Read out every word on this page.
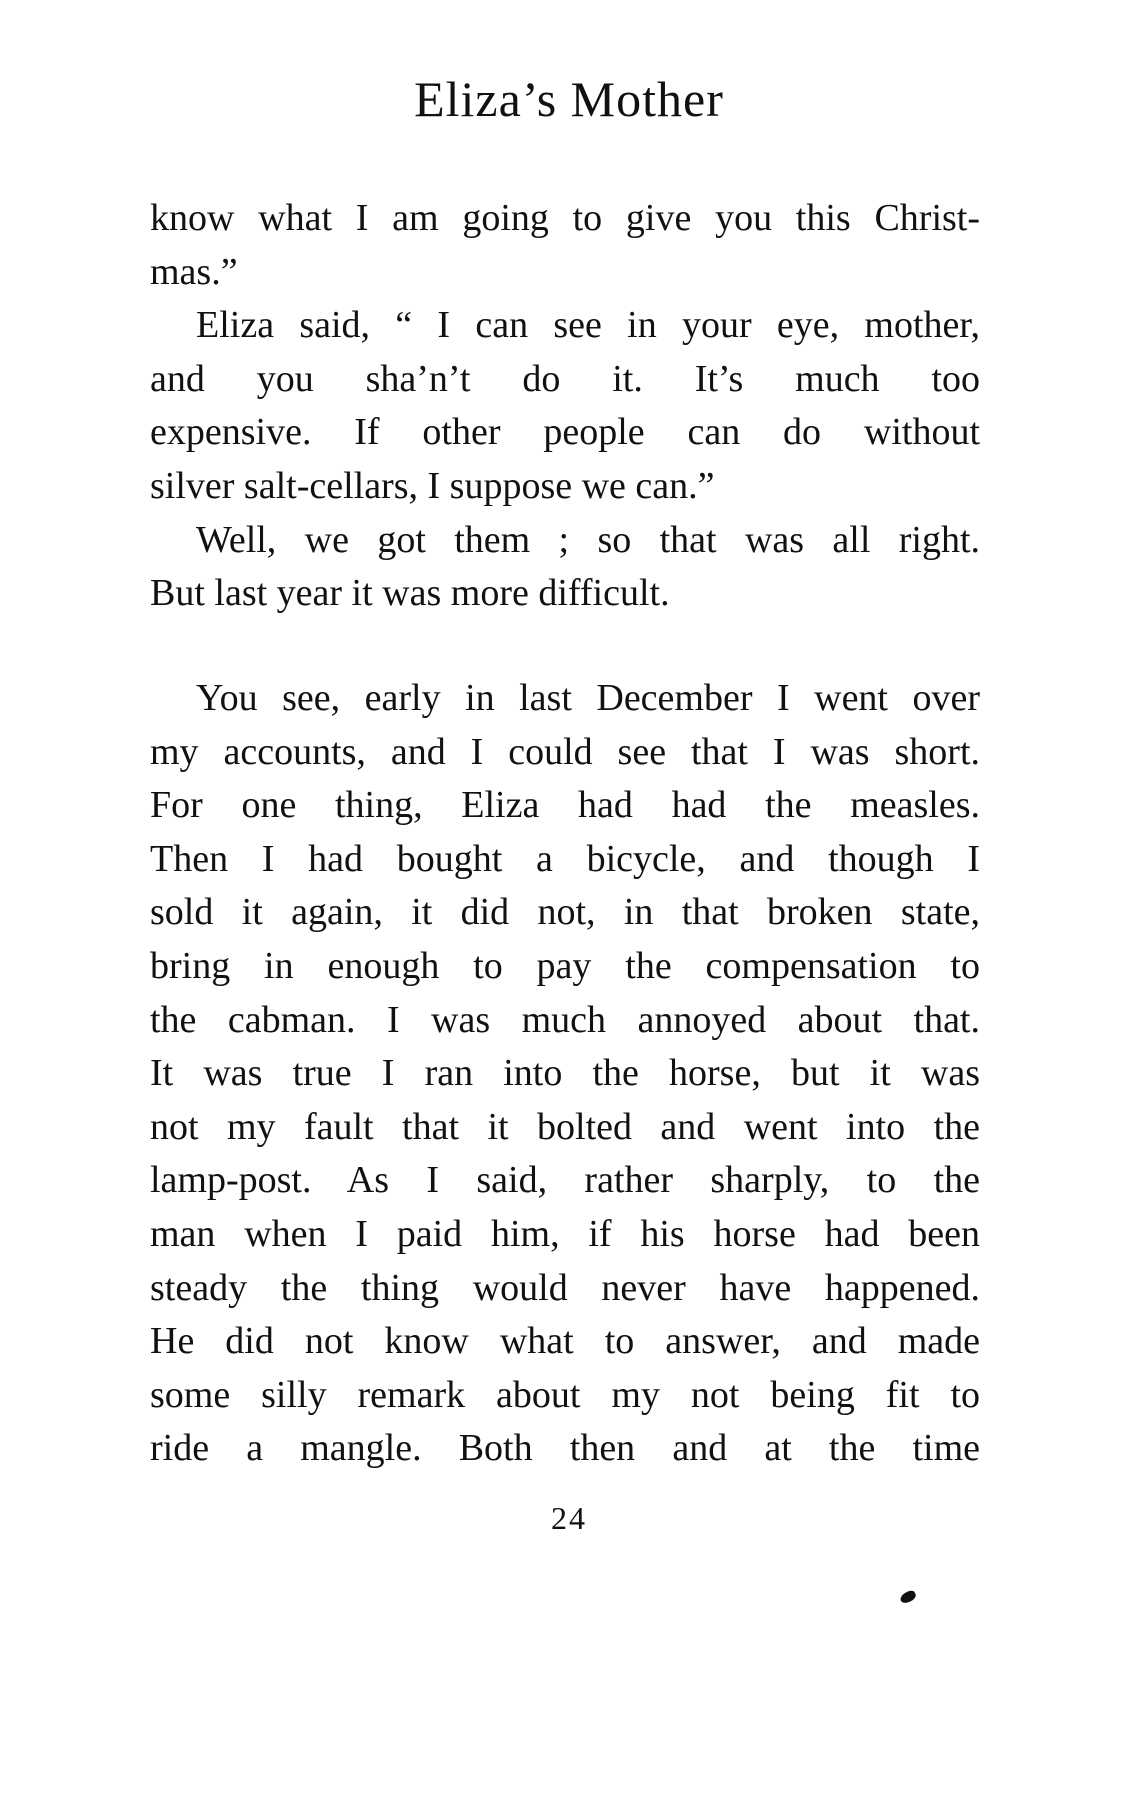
Eliza’s Mother
know what I am going to give you this Christ-
mas.”
Eliza said, “ I can see in your eye, mother,
and you sha’n’t do it. It’s much too
expensive. If other people can do without
silver salt-cellars, I suppose we can.”
Well, we got them ; so that was all right.
But last year it was more difficult.
You see, early in last December I went over
my accounts, and I could see that I was short.
For one thing, Eliza had had the measles.
Then I had bought a bicycle, and though I
sold it again, it did not, in that broken state,
bring in enough to pay the compensation to
the cabman. I was much annoyed about that.
It was true I ran into the horse, but it was
not my fault that it bolted and went into the
lamp-post. As I said, rather sharply, to the
man when I paid him, if his horse had been
steady the thing would never have happened.
He did not know what to answer, and made
some silly remark about my not being fit to
ride a mangle. Both then and at the time
24
